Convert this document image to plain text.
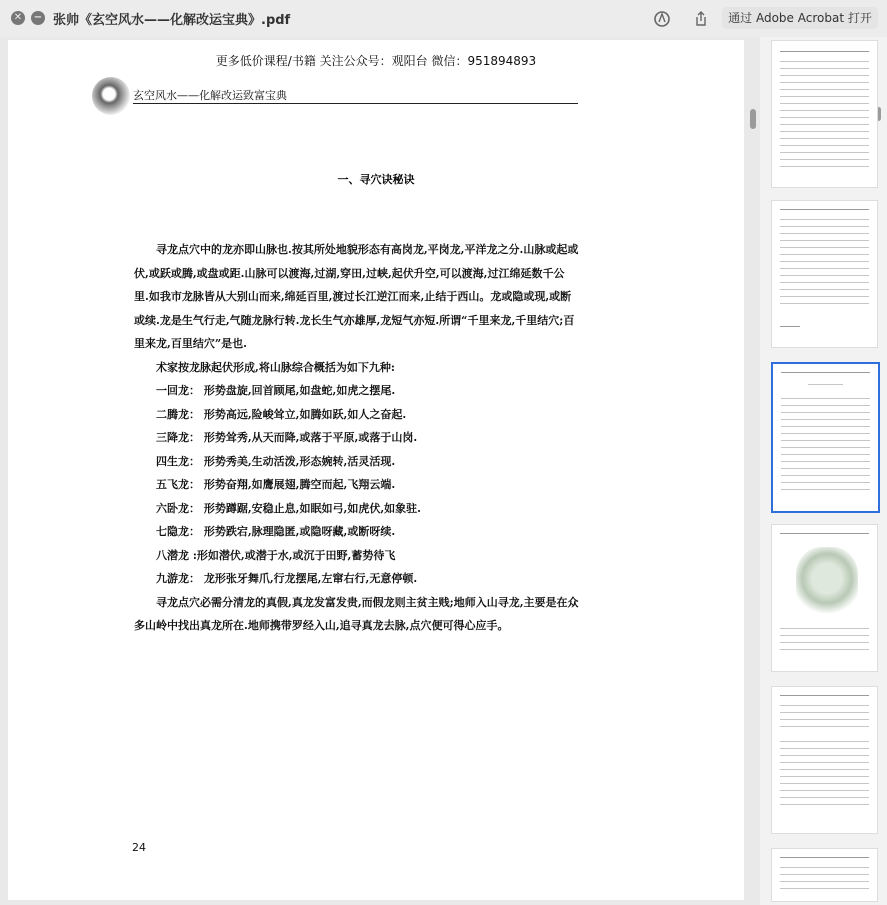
✕ − 张帅《玄空风水——化解改运宝典》.pdf	通过 Adobe Acrobat 打开
更多低价课程/书籍 关注公众号：观阳台 微信：951894893
玄空风水——化解改运致富宝典
一、寻穴诀秘诀

寻龙点穴中的龙亦即山脉也.按其所处地貌形态有高岗龙,平岗龙,平洋龙之分.山脉或起或伏,或跃或腾,或盘或距.山脉可以渡海,过湖,穿田,过峡,起伏升空,可以渡海,过江绵延数千公里.如我市龙脉皆从大别山而来,绵延百里,渡过长江逆江而来,止结于西山。龙或隐或现,或断或续.龙是生气行走,气随龙脉行转.龙长生气亦雄厚,龙短气亦短.所谓“千里来龙,千里结穴;百里来龙,百里结穴”是也.

术家按龙脉起伏形成,将山脉综合概括为如下九种:

一回龙： 形势盘旋,回首顾尾,如盘蛇,如虎之摆尾.

二腾龙： 形势高远,险峻耸立,如腾如跃,如人之奋起.

三降龙： 形势耸秀,从天而降,或落于平原,或落于山岗.

四生龙： 形势秀美,生动活泼,形态婉转,活灵活现.

五飞龙： 形势奋翔,如鹰展翅,腾空而起,飞翔云端.

六卧龙： 形势蹲踞,安稳止息,如眠如弓,如虎伏,如象驻.

七隐龙： 形势跌宕,脉理隐匿,或隐呀藏,或断呀续.

八潜龙 :形如潜伏,或潜于水,或沉于田野,蓄势待飞

九游龙： 龙形张牙舞爪,行龙摆尾,左窜右行,无意停顿.

寻龙点穴必需分清龙的真假,真龙发富发贵,而假龙则主贫主贱;地师入山寻龙,主要是在众多山岭中找出真龙所在.地师携带罗经入山,追寻真龙去脉,点穴便可得心应手。

24
